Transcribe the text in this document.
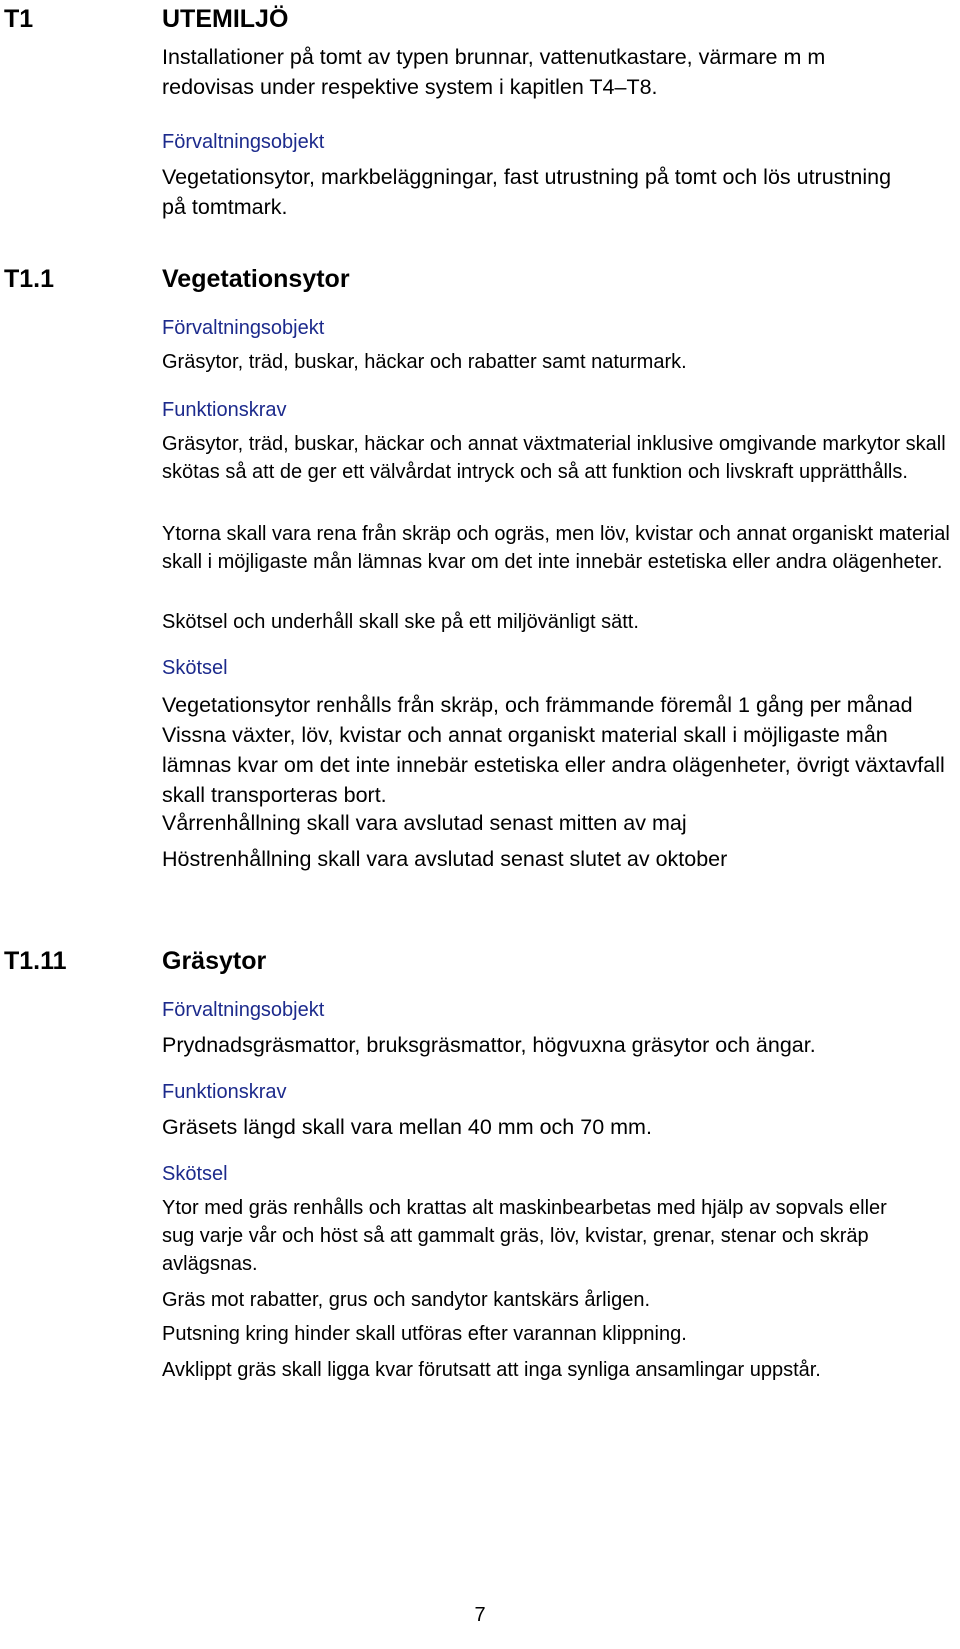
T1	UTEMILJÖ
Installationer på tomt av typen brunnar, vattenutkastare, värmare m m redovisas under respektive system i kapitlen T4–T8.
Förvaltningsobjekt
Vegetationsytor, markbeläggningar, fast utrustning på tomt och lös utrustning på tomtmark.
T1.1	Vegetationsytor
Förvaltningsobjekt
Gräsytor, träd, buskar, häckar och rabatter samt naturmark.
Funktionskrav
Gräsytor, träd, buskar, häckar och annat växtmaterial inklusive omgivande markytor skall skötas så att de ger ett välvårdat intryck och så att funktion och livskraft upprätthålls.
Ytorna skall vara rena från skräp och ogräs, men löv, kvistar och annat organiskt material skall i möjligaste mån lämnas kvar om det inte innebär estetiska eller andra olägenheter.
Skötsel och underhåll skall ske på ett miljövänligt sätt.
Skötsel
Vegetationsytor renhålls från skräp, och främmande föremål 1 gång per månad Vissna växter, löv, kvistar och annat organiskt material skall i möjligaste mån lämnas kvar om det inte innebär estetiska eller andra olägenheter, övrigt växtavfall skall transporteras bort.
Vårrenhållning skall vara avslutad senast mitten av maj
Höstrenhållning skall vara avslutad senast slutet av oktober
T1.11	Gräsytor
Förvaltningsobjekt
Prydnadsgräsmattor, bruksgräsmattor, högvuxna gräsytor och ängar.
Funktionskrav
Gräsets längd skall vara mellan 40 mm och 70 mm.
Skötsel
Ytor med gräs renhålls och krattas alt maskinbearbetas med hjälp av sopvals eller sug varje vår och höst så att gammalt gräs, löv, kvistar, grenar, stenar och skräp avlägsnas.
Gräs mot rabatter, grus och sandytor kantskärs årligen.
Putsning kring hinder skall utföras efter varannan klippning.
Avklippt gräs skall ligga kvar förutsatt att inga synliga ansamlingar uppstår.
7
